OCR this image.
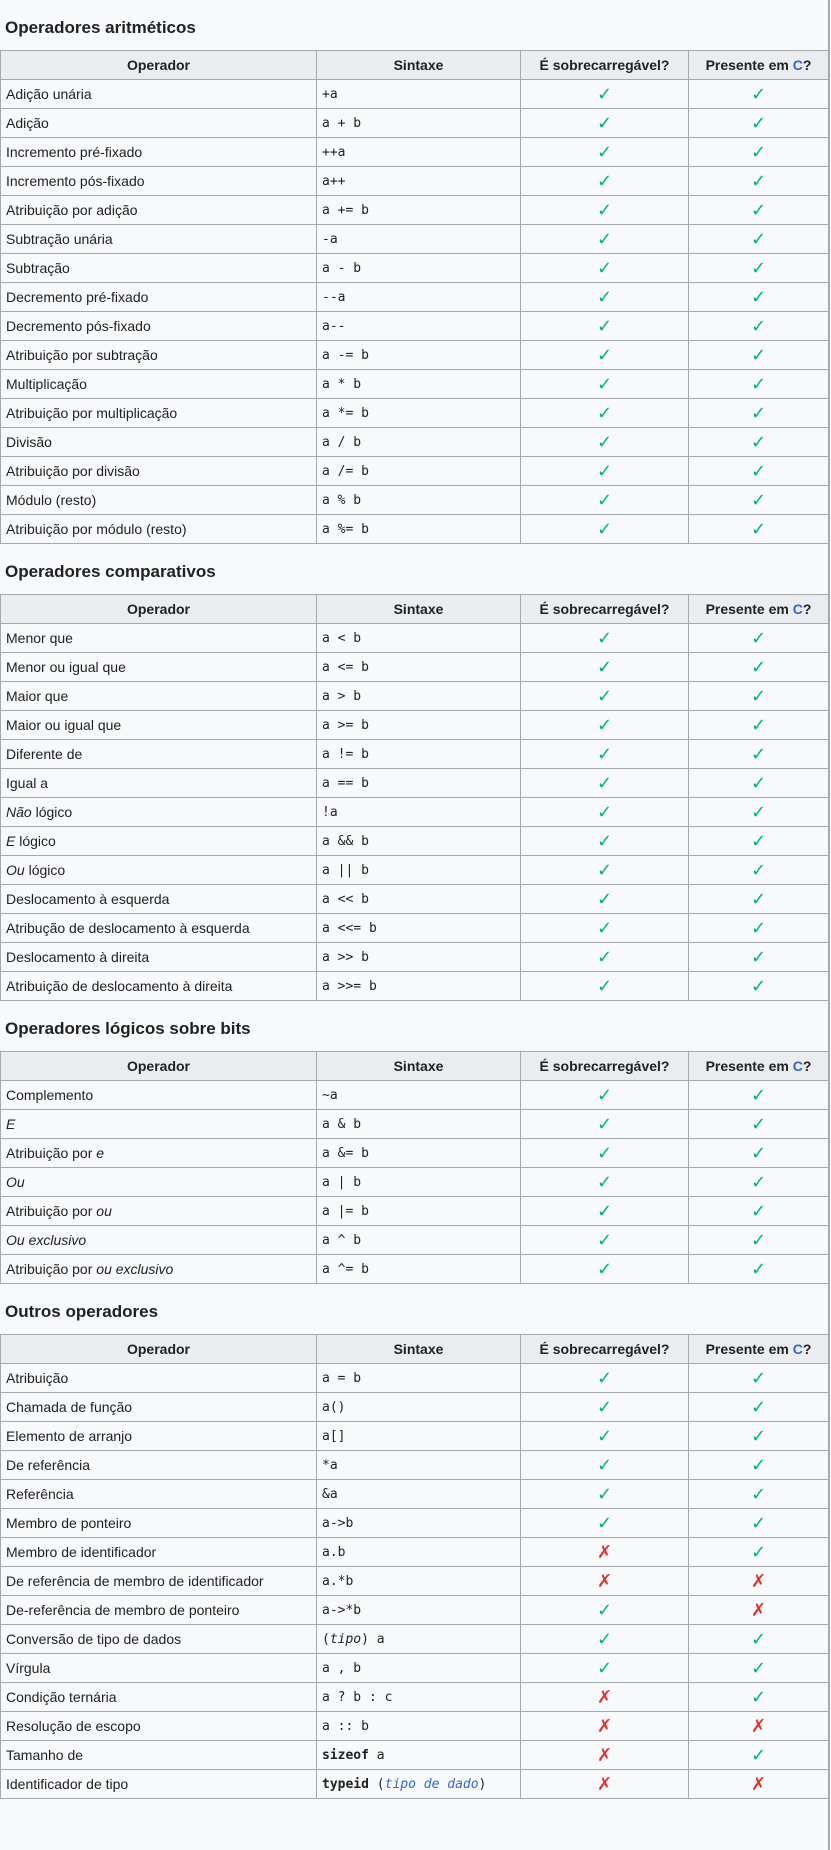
Operadores aritméticos
Operador	Sintaxe	É sobrecarregável?	Presente em C?
Adição unária	+a	✓	✓
Adição	a + b	✓	✓
Incremento pré-fixado	++a	✓	✓
Incremento pós-fixado	a++	✓	✓
Atribuição por adição	a += b	✓	✓
Subtração unária	-a	✓	✓
Subtração	a - b	✓	✓
Decremento pré-fixado	--a	✓	✓
Decremento pós-fixado	a--	✓	✓
Atribuição por subtração	a -= b	✓	✓
Multiplicação	a * b	✓	✓
Atribuição por multiplicação	a *= b	✓	✓
Divisão	a / b	✓	✓
Atribuição por divisão	a /= b	✓	✓
Módulo (resto)	a % b	✓	✓
Atribuição por módulo (resto)	a %= b	✓	✓
Operadores comparativos
Operador	Sintaxe	É sobrecarregável?	Presente em C?
Menor que	a < b	✓	✓
Menor ou igual que	a <= b	✓	✓
Maior que	a > b	✓	✓
Maior ou igual que	a >= b	✓	✓
Diferente de	a != b	✓	✓
Igual a	a == b	✓	✓
Não lógico	!a	✓	✓
E lógico	a && b	✓	✓
Ou lógico	a || b	✓	✓
Deslocamento à esquerda	a << b	✓	✓
Atribução de deslocamento à esquerda	a <<= b	✓	✓
Deslocamento à direita	a >> b	✓	✓
Atribuição de deslocamento à direita	a >>= b	✓	✓
Operadores lógicos sobre bits
Operador	Sintaxe	É sobrecarregável?	Presente em C?
Complemento	~a	✓	✓
E	a & b	✓	✓
Atribuição por e	a &= b	✓	✓
Ou	a | b	✓	✓
Atribuição por ou	a |= b	✓	✓
Ou exclusivo	a ^ b	✓	✓
Atribuição por ou exclusivo	a ^= b	✓	✓
Outros operadores
Operador	Sintaxe	É sobrecarregável?	Presente em C?
Atribuição	a = b	✓	✓
Chamada de função	a()	✓	✓
Elemento de arranjo	a[]	✓	✓
De referência	*a	✓	✓
Referência	&a	✓	✓
Membro de ponteiro	a->b	✓	✓
Membro de identificador	a.b	✗	✓
De referência de membro de identificador	a.*b	✗	✗
De-referência de membro de ponteiro	a->*b	✓	✗
Conversão de tipo de dados	(tipo) a	✓	✓
Vírgula	a , b	✓	✓
Condição ternária	a ? b : c	✗	✓
Resolução de escopo	a :: b	✗	✗
Tamanho de	sizeof a	✗	✓
Identificador de tipo	typeid (tipo de dado)	✗	✗
